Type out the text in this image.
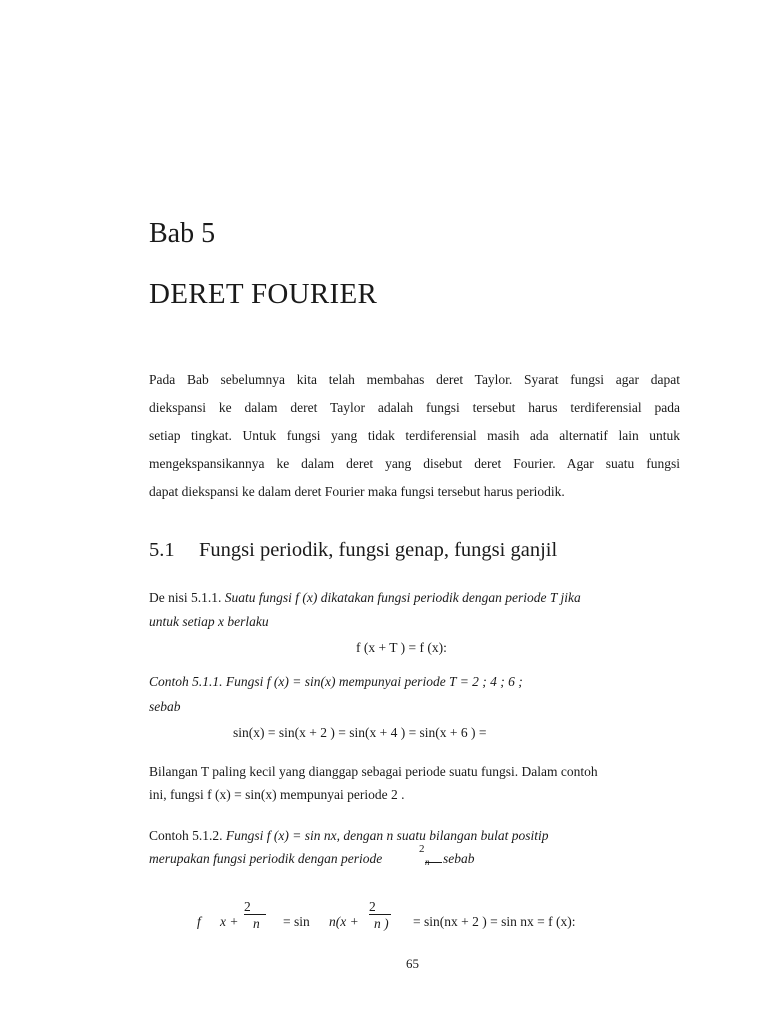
Bab 5
DERET FOURIER
Pada Bab sebelumnya kita telah membahas deret Taylor. Syarat fungsi agar dapat
diekspansi ke dalam deret Taylor adalah fungsi tersebut harus terdiferensial pada
setiap tingkat. Untuk fungsi yang tidak terdiferensial masih ada alternatif lain untuk
mengekspansikannya ke dalam deret yang disebut deret Fourier. Agar suatu fungsi
dapat diekspansi ke dalam deret Fourier maka fungsi tersebut harus periodik.
5.1 Fungsi periodik, fungsi genap, fungsi ganjil
De nisi 5.1.1. Suatu fungsi f (x) dikatakan fungsi periodik dengan periode T jika
untuk setiap x berlaku
f (x + T ) = f (x):
Contoh 5.1.1. Fungsi f (x) = sin(x) mempunyai periode T = 2 ; 4 ; 6 ;
sebab
sin(x) = sin(x + 2 ) = sin(x + 4 ) = sin(x + 6 ) =
Bilangan T paling kecil yang dianggap sebagai periode suatu fungsi. Dalam contoh
ini, fungsi f (x) = sin(x) mempunyai periode 2 .
Contoh 5.1.2. Fungsi f (x) = sin nx, dengan n suatu bilangan bulat positip
merupakan fungsi periodik dengan periode
2
sebab
f x +
2
n = sin n(x +
2
n ) = sin(nx + 2 ) = sin nx = f (x):
65
